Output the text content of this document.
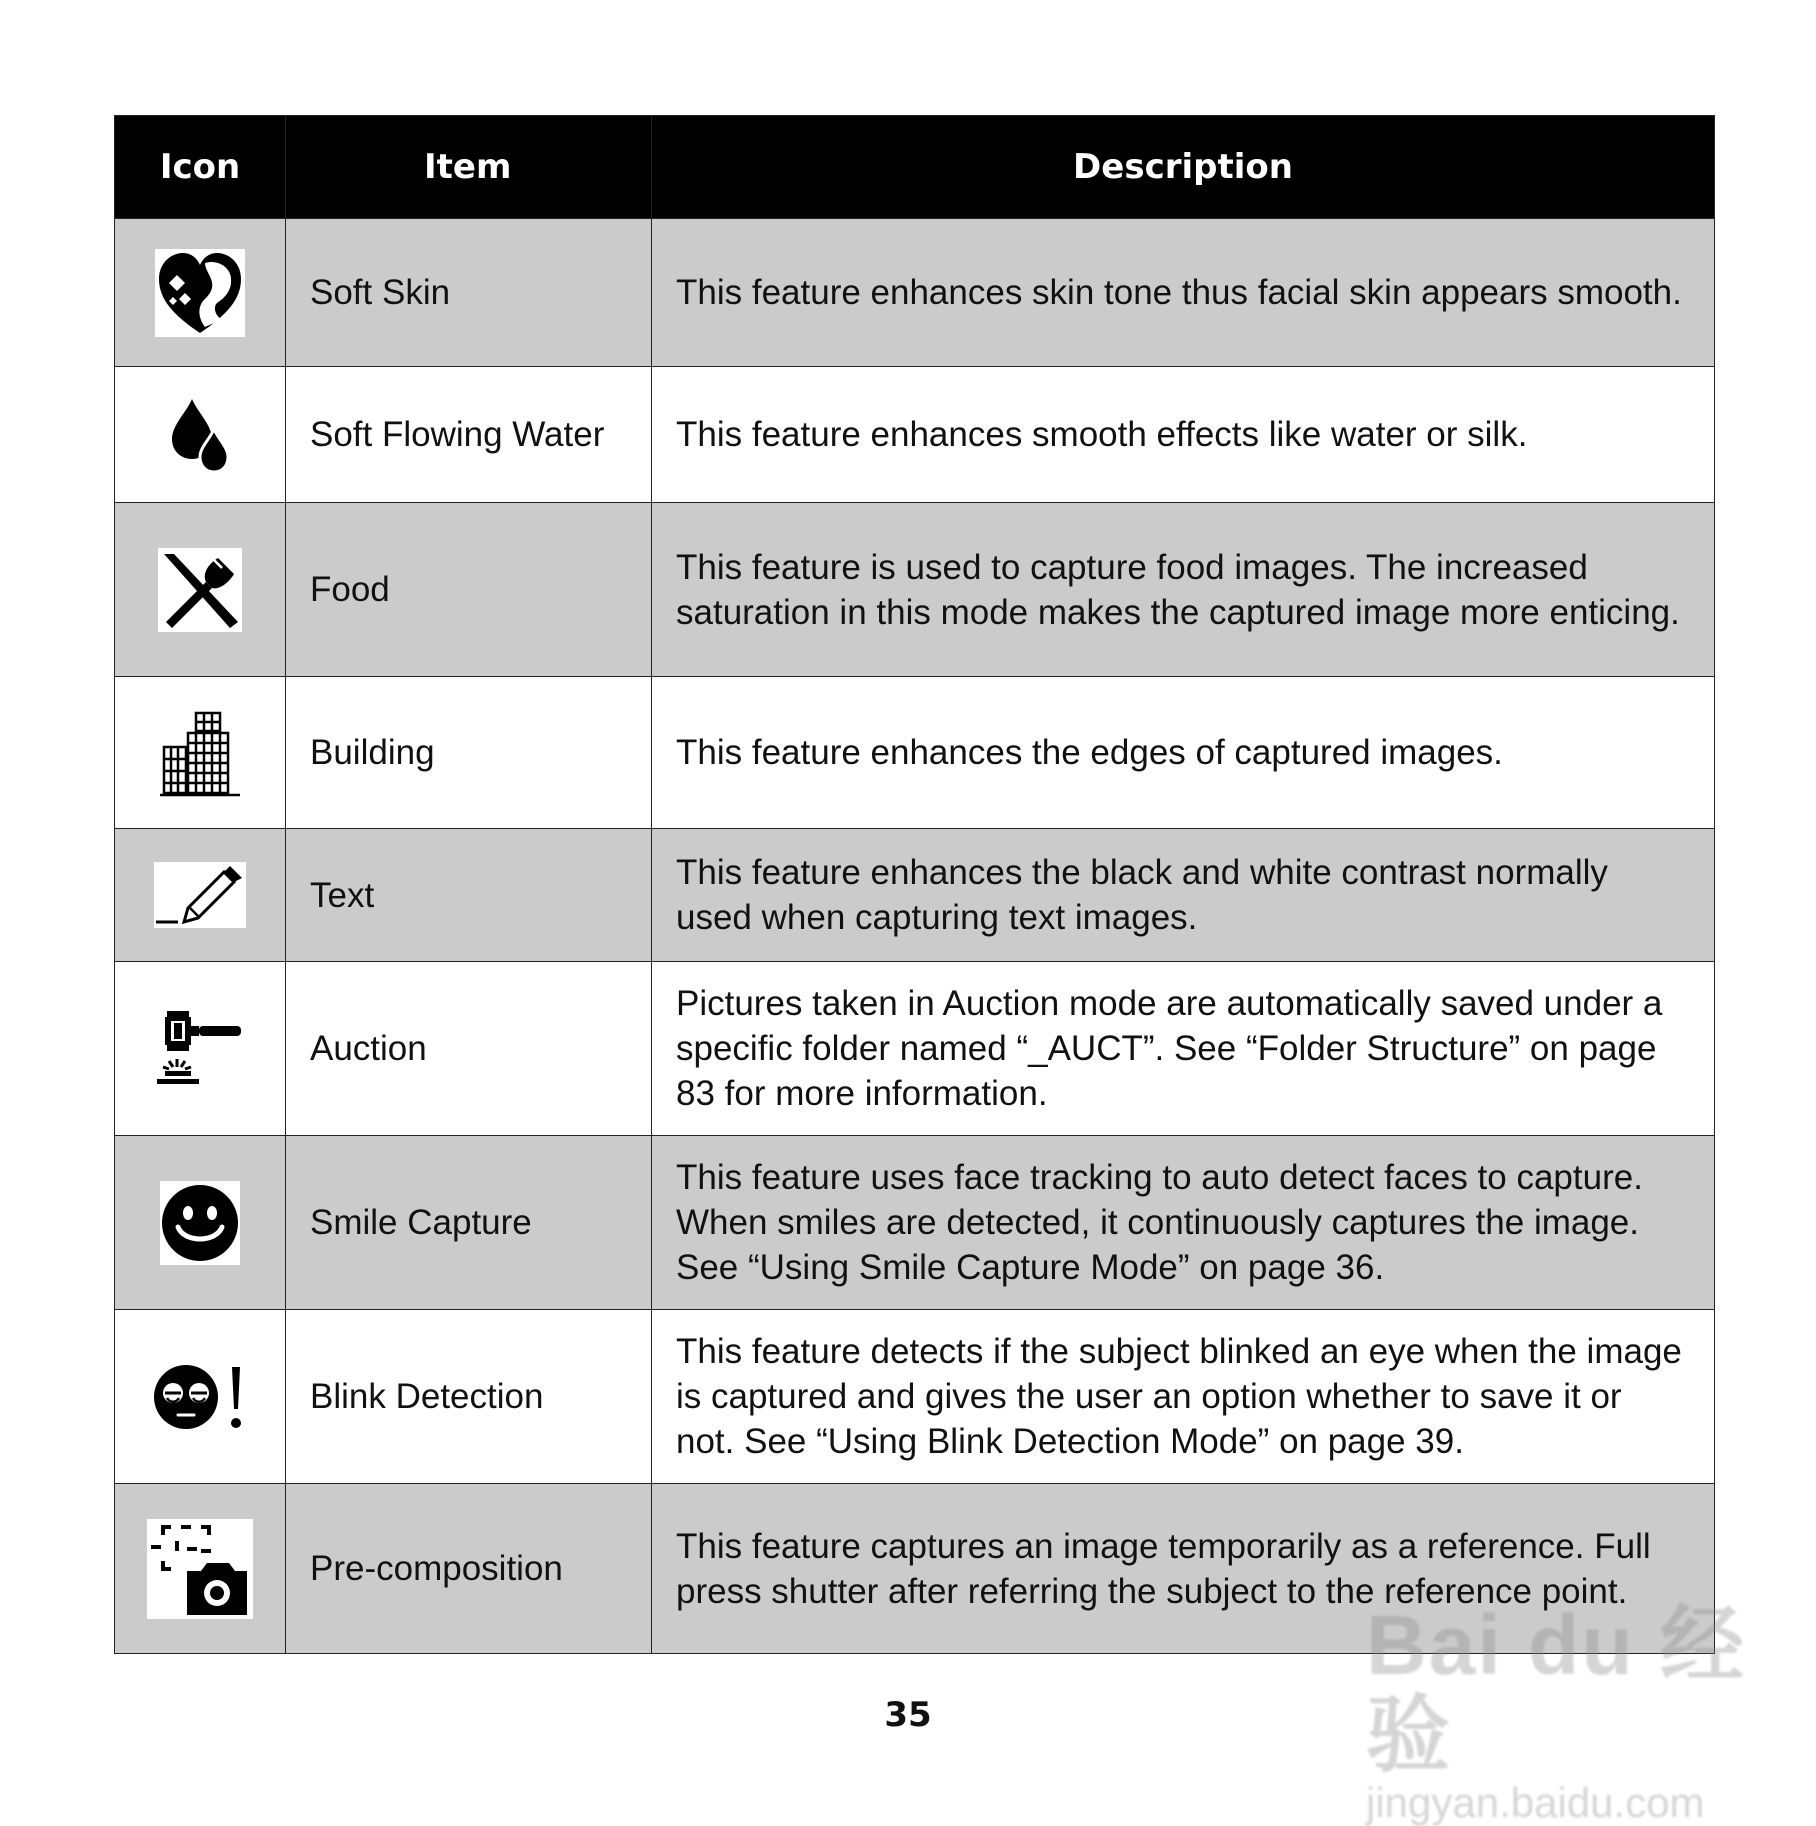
Icon	Item	Description

	Soft Skin	This feature enhances skin tone thus facial skin appears smooth.

	Soft Flowing Water	This feature enhances smooth effects like water or silk.

	Food	This feature is used to capture food images. The increased saturation in this mode makes the captured image more enticing.

	Building	This feature enhances the edges of captured images.

	Text	This feature enhances the black and white contrast normally used when capturing text images.

	Auction	Pictures taken in Auction mode are automatically saved under a specific folder named “_AUCT”. See “Folder Structure” on page 83 for more information.

	Smile Capture	This feature uses face tracking to auto detect faces to capture. When smiles are detected, it continuously captures the image. See “Using Smile Capture Mode” on page 36.

	Blink Detection	This feature detects if the subject blinked an eye when the image is captured and gives the user an option whether to save it or not. See “Using Blink Detection Mode” on page 39.

	Pre-composition	This feature captures an image temporarily as a reference. Full press shutter after referring the subject to the reference point.
35
Bai du 经验
jingyan.baidu.com
